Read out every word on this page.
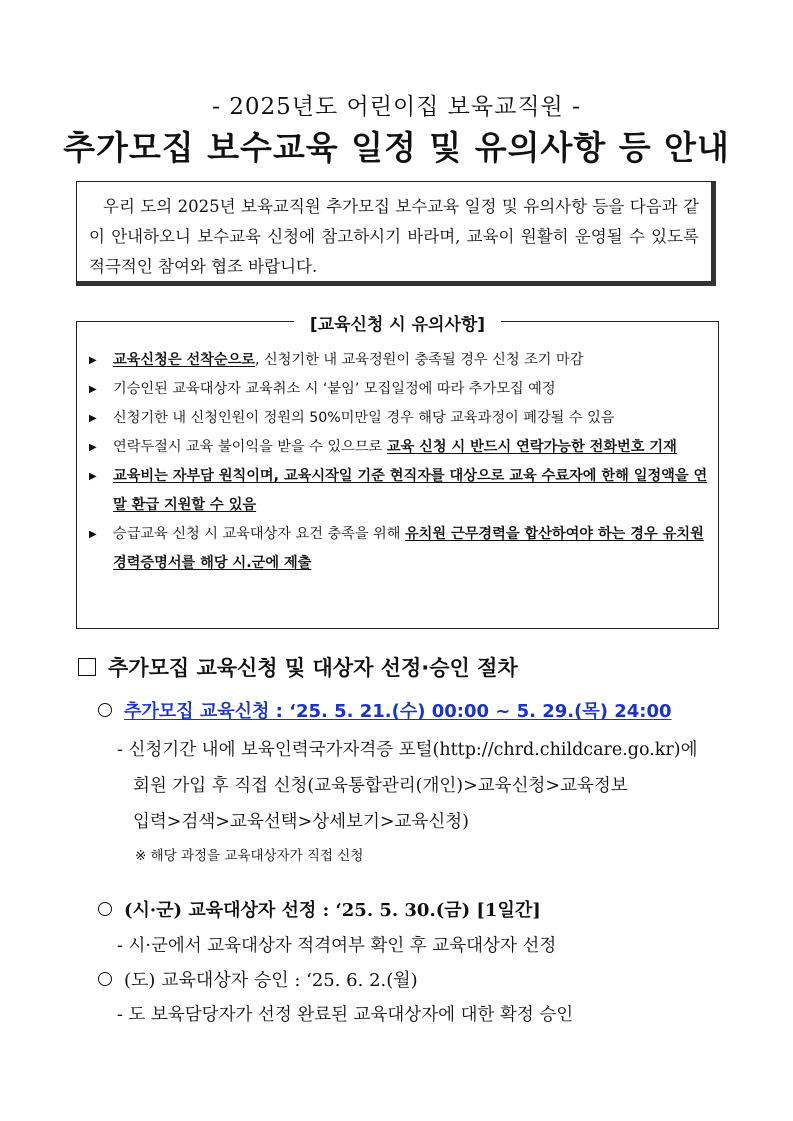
- 2025년도 어린이집 보육교직원 -
추가모집 보수교육 일정 및 유의사항 등 안내
우리 도의 2025년 보육교직원 추가모집 보수교육 일정 및 유의사항 등을 다음과 같이 안내하오니 보수교육 신청에 참고하시기 바라며, 교육이 원활히 운영될 수 있도록 적극적인 참여와 협조 바랍니다.
[교육신청 시 유의사항]
▶ 교육신청은 선착순으로, 신청기한 내 교육정원이 충족될 경우 신청 조기 마감
▶ 기승인된 교육대상자 교육취소 시 ‘붙임’ 모집일정에 따라 추가모집 예정
▶ 신청기한 내 신청인원이 정원의 50%미만일 경우 해당 교육과정이 폐강될 수 있음
▶ 연락두절시 교육 불이익을 받을 수 있으므로 교육 신청 시 반드시 연락가능한 전화번호 기재
▶ 교육비는 자부담 원칙이며, 교육시작일 기준 현직자를 대상으로 교육 수료자에 한해 일정액을 연말 환급 지원할 수 있음
▶ 승급교육 신청 시 교육대상자 요건 충족을 위해 유치원 근무경력을 합산하여야 하는 경우 유치원 경력증명서를 해당 시.군에 제출
추가모집 교육신청 및 대상자 선정·승인 절차
추가모집 교육신청 : ‘25. 5. 21.(수) 00:00 ~ 5. 29.(목) 24:00
- 신청기간 내에 보육인력국가자격증 포털(http://chrd.childcare.go.kr)에
회원 가입 후 직접 신청(교육통합관리(개인)>교육신청>교육정보
입력>검색>교육선택>상세보기>교육신청)
※ 해당 과정을 교육대상자가 직접 신청
(시·군) 교육대상자 선정 : ‘25. 5. 30.(금) [1일간]
- 시·군에서 교육대상자 적격여부 확인 후 교육대상자 선정
(도) 교육대상자 승인 : ‘25. 6. 2.(월)
- 도 보육담당자가 선정 완료된 교육대상자에 대한 확정 승인
